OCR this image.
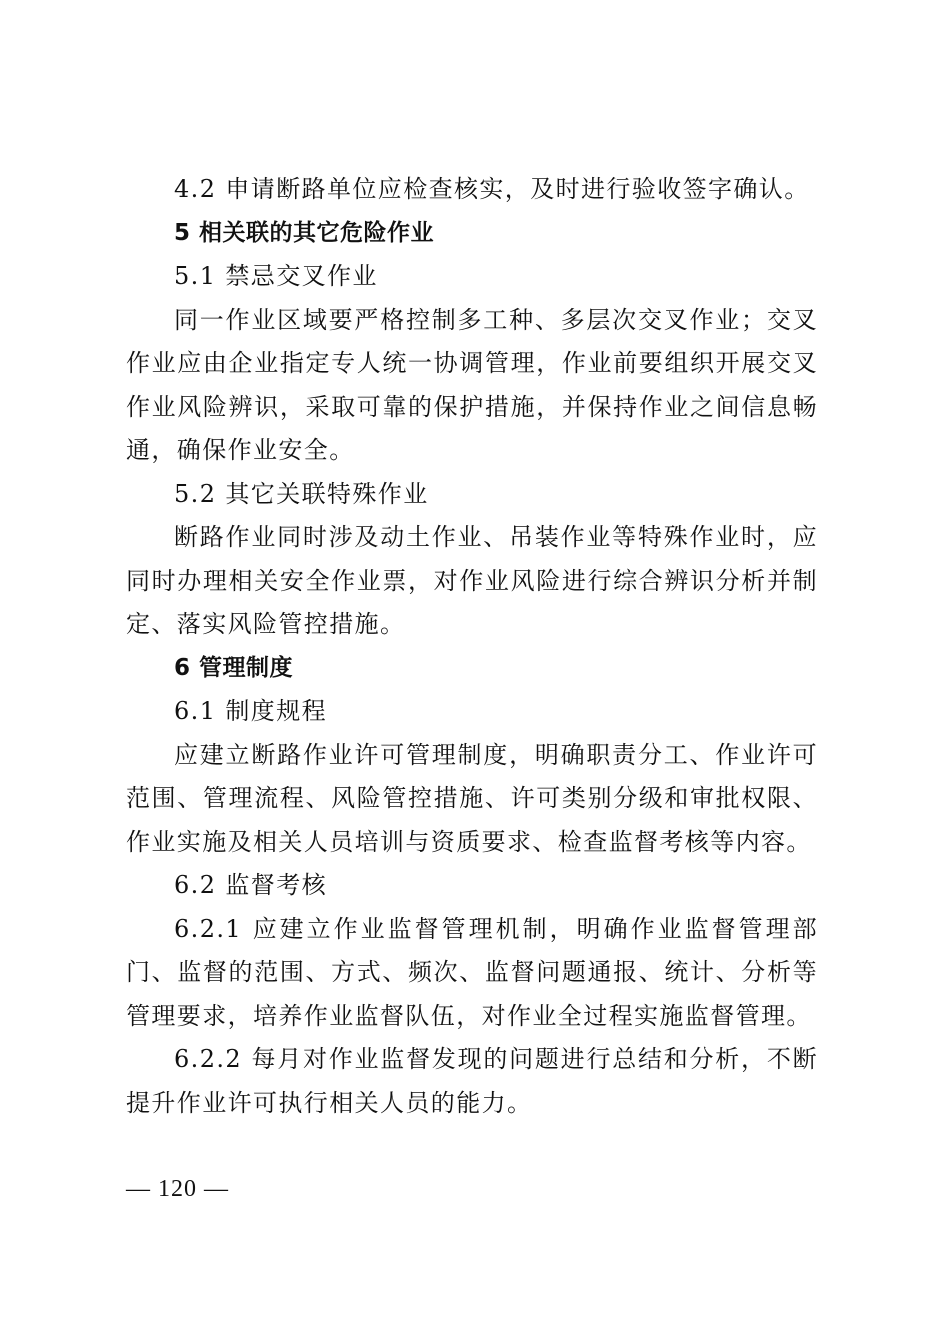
4.2 申请断路单位应检查核实，及时进行验收签字确认。

5 相关联的其它危险作业

5.1 禁忌交叉作业

同一作业区域要严格控制多工种、多层次交叉作业；交叉作业应由企业指定专人统一协调管理，作业前要组织开展交叉作业风险辨识，采取可靠的保护措施，并保持作业之间信息畅通，确保作业安全。

5.2 其它关联特殊作业

断路作业同时涉及动土作业、吊装作业等特殊作业时，应同时办理相关安全作业票，对作业风险进行综合辨识分析并制定、落实风险管控措施。

6 管理制度

6.1 制度规程

应建立断路作业许可管理制度，明确职责分工、作业许可范围、管理流程、风险管控措施、许可类别分级和审批权限、作业实施及相关人员培训与资质要求、检查监督考核等内容。

6.2 监督考核

6.2.1 应建立作业监督管理机制，明确作业监督管理部门、监督的范围、方式、频次、监督问题通报、统计、分析等管理要求，培养作业监督队伍，对作业全过程实施监督管理。

6.2.2 每月对作业监督发现的问题进行总结和分析，不断提升作业许可执行相关人员的能力。

— 120 —
